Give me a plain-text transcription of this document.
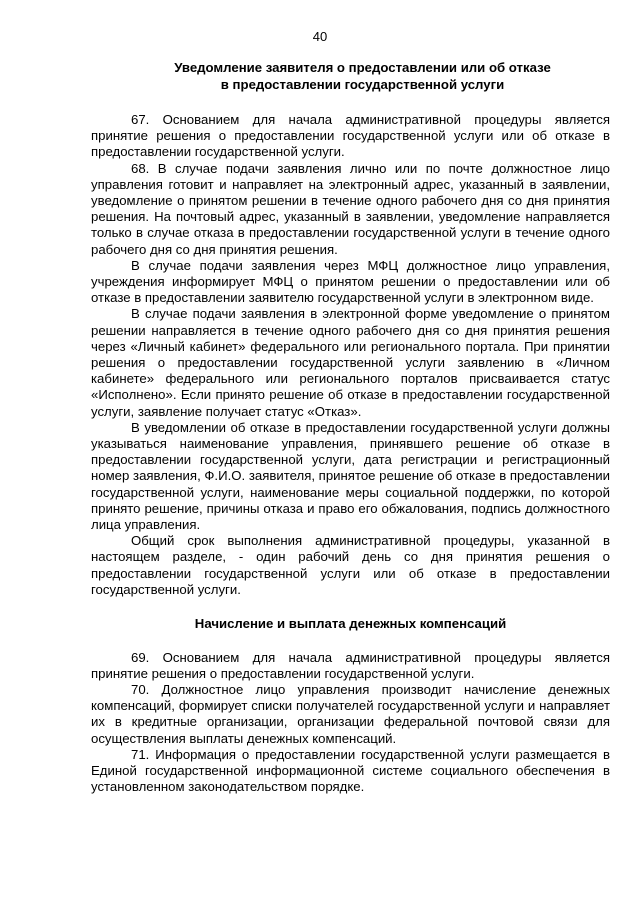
40

Уведомление заявителя о предоставлении или об отказе

в предоставлении государственной услуги

67. Основанием для начала административной процедуры является принятие решения о предоставлении государственной услуги или об отказе в предоставлении государственной услуги.

68. В случае подачи заявления лично или по почте должностное лицо управления готовит и направляет на электронный адрес, указанный в заявлении, уведомление о принятом решении в течение одного рабочего дня со дня принятия решения. На почтовый адрес, указанный в заявлении, уведомление направляется только в случае отказа в предоставлении государственной услуги в течение одного рабочего дня со дня принятия решения.

В случае подачи заявления через МФЦ должностное лицо управления, учреждения информирует МФЦ о принятом решении о предоставлении или об отказе в предоставлении заявителю государственной услуги в электронном виде.

В случае подачи заявления в электронной форме уведомление о принятом решении направляется в течение одного рабочего дня со дня принятия решения через «Личный кабинет» федерального или регионального портала. При принятии решения о предоставлении государственной услуги заявлению в «Личном кабинете» федерального или регионального порталов присваивается статус «Исполнено». Если принято решение об отказе в предоставлении государственной услуги, заявление получает статус «Отказ».

В уведомлении об отказе в предоставлении государственной услуги должны указываться наименование управления, принявшего решение об отказе в предоставлении государственной услуги, дата регистрации и регистрационный номер заявления, Ф.И.О. заявителя, принятое решение об отказе в предоставлении государственной услуги, наименование меры социальной поддержки, по которой принято решение, причины отказа и право его обжалования, подпись должностного лица управления.

Общий срок выполнения административной процедуры, указанной в настоящем разделе, - один рабочий день со дня принятия решения о предоставлении государственной услуги или об отказе в предоставлении государственной услуги.

Начисление и выплата денежных компенсаций

69. Основанием для начала административной процедуры является принятие решения о предоставлении государственной услуги.

70. Должностное лицо управления производит начисление денежных компенсаций, формирует списки получателей государственной услуги и направляет их в кредитные организации, организации федеральной почтовой связи для осуществления выплаты денежных компенсаций.

71. Информация о предоставлении государственной услуги размещается в Единой государственной информационной системе социального обеспечения в установленном законодательством порядке.
